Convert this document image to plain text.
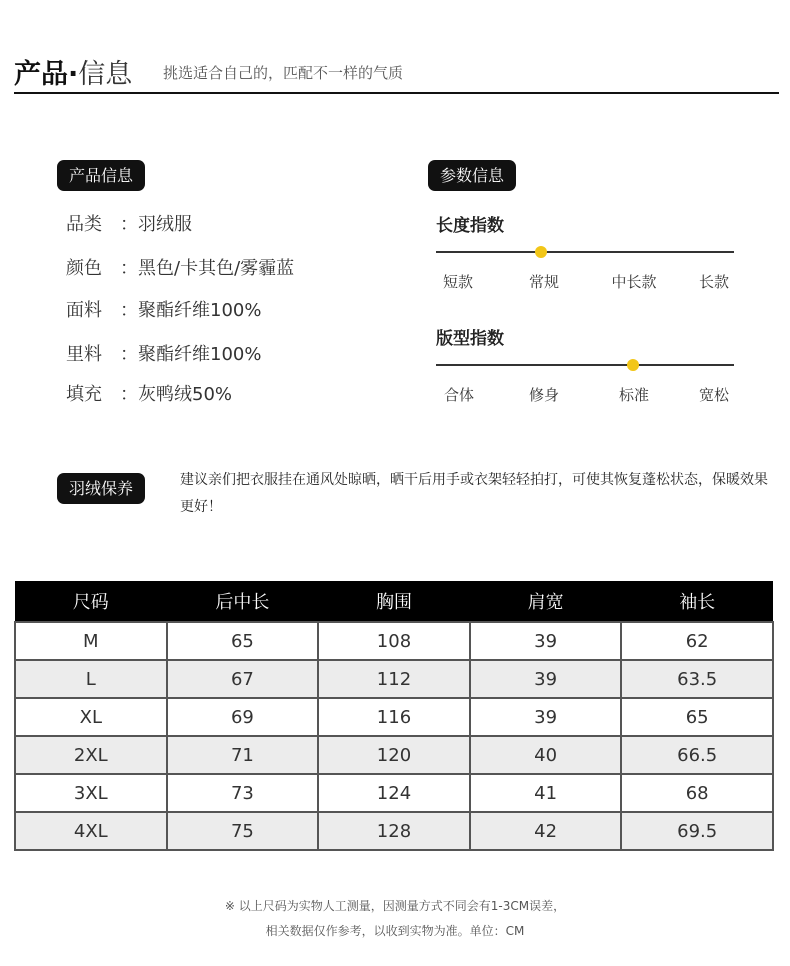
产品·信息 挑选适合自己的，匹配不一样的气质
产品信息
品类 ：羽绒服
颜色 ：黑色/卡其色/雾霾蓝
面料 ：聚酯纤维100%
里料 ：聚酯纤维100%
填充 ：灰鸭绒50%
参数信息
长度指数
短款	常规	中长款	长款
版型指数
合体	修身	标准	宽松
羽绒保养	建议亲们把衣服挂在通风处晾晒，晒干后用手或衣架轻轻拍打，可使其恢复蓬松状态，保暖效果更好！
尺码	后中长	胸围	肩宽	袖长
M	65	108	39	62
L	67	112	39	63.5
XL	69	116	39	65
2XL	71	120	40	66.5
3XL	73	124	41	68
4XL	75	128	42	69.5
※ 以上尺码为实物人工测量，因测量方式不同会有1-3CM误差，
相关数据仅作参考，以收到实物为准。单位：CM
